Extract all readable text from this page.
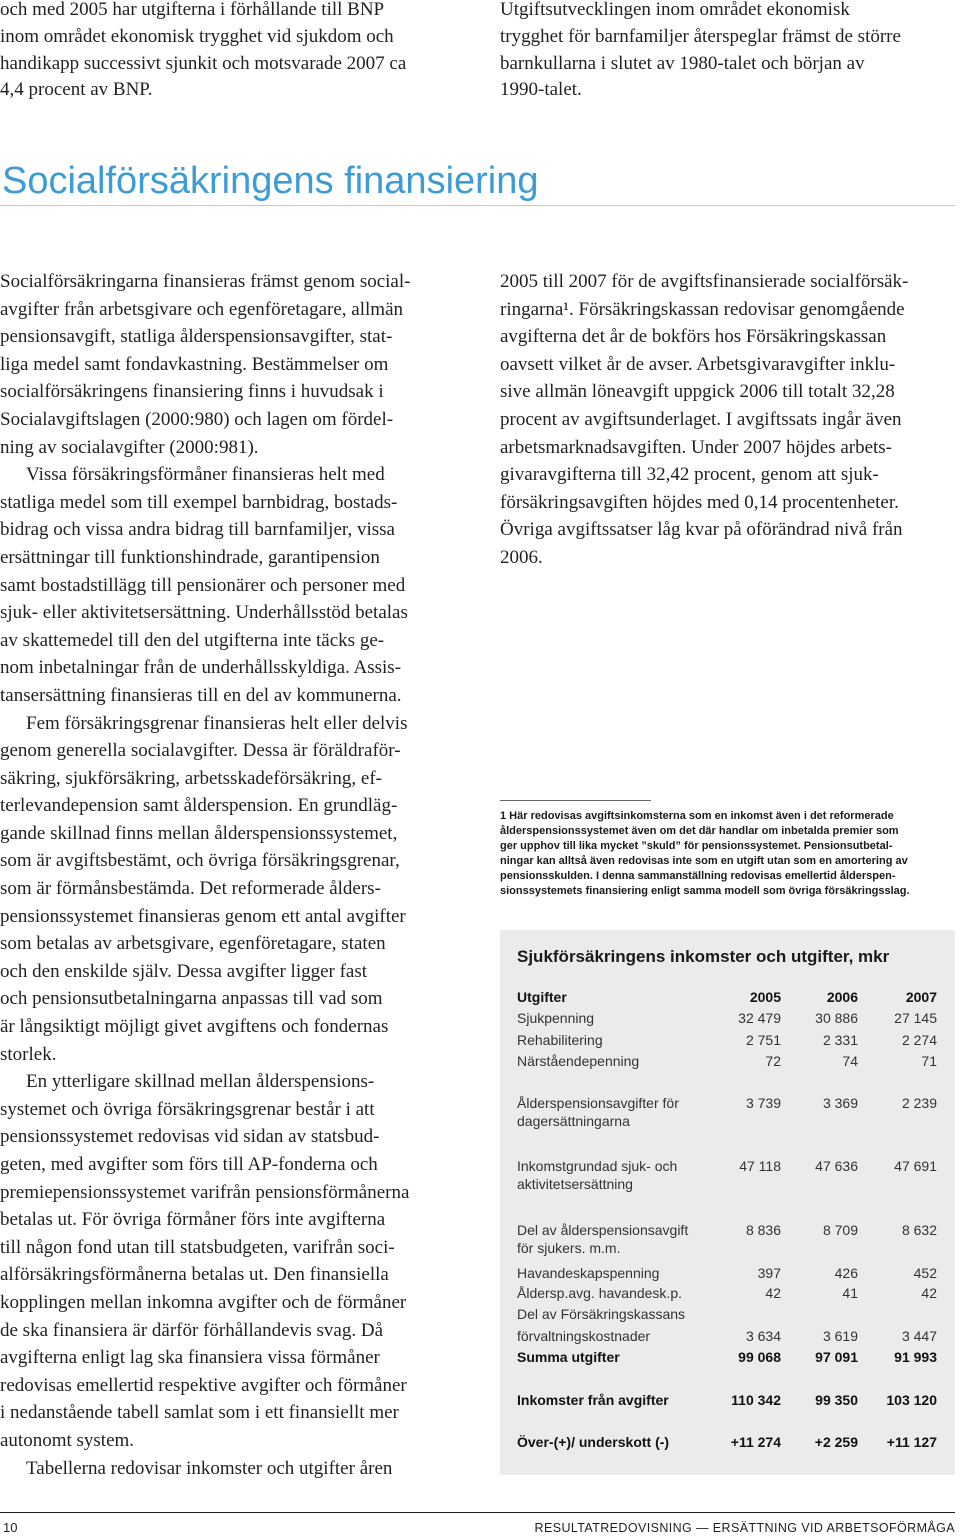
och med 2005 har utgifterna i förhållande till BNP
inom området ekonomisk trygghet vid sjukdom och
handikapp successivt sjunkit och motsvarade 2007 ca
4,4 procent av BNP.
Utgiftsutvecklingen inom området ekonomisk
trygghet för barnfamiljer återspeglar främst de större
barnkullarna i slutet av 1980-talet och början av
1990-talet.
Socialförsäkringens finansiering
Socialförsäkringarna finansieras främst genom social-
avgifter från arbetsgivare och egenföretagare, allmän
pensionsavgift, statliga ålderspensionsavgifter, stat-
liga medel samt fondavkastning. Bestämmelser om
socialförsäkringens finansiering finns i huvudsak i
Socialavgiftslagen (2000:980) och lagen om fördel-
ning av socialavgifter (2000:981).
Vissa försäkringsförmåner finansieras helt med
statliga medel som till exempel barnbidrag, bostads-
bidrag och vissa andra bidrag till barnfamiljer, vissa
ersättningar till funktionshindrade, garantipension
samt bostadstillägg till pensionärer och personer med
sjuk- eller aktivitetsersättning. Underhållsstöd betalas
av skattemedel till den del utgifterna inte täcks ge-
nom inbetalningar från de underhållsskyldiga. Assis-
tansersättning finansieras till en del av kommunerna.
Fem försäkringsgrenar finansieras helt eller delvis
genom generella socialavgifter. Dessa är föräldraför-
säkring, sjukförsäkring, arbetsskadeförsäkring, ef-
terlevandepension samt ålderspension. En grundläg-
gande skillnad finns mellan ålderspensionssystemet,
som är avgiftsbestämt, och övriga försäkringsgrenar,
som är förmånsbestämda. Det reformerade ålders-
pensionssystemet finansieras genom ett antal avgifter
som betalas av arbetsgivare, egenföretagare, staten
och den enskilde själv. Dessa avgifter ligger fast
och pensionsutbetalningarna anpassas till vad som
är långsiktigt möjligt givet avgiftens och fondernas
storlek.
En ytterligare skillnad mellan ålderspensions-
systemet och övriga försäkringsgrenar består i att
pensionssystemet redovisas vid sidan av statsbud-
geten, med avgifter som förs till AP-fonderna och
premiepensionssystemet varifrån pensionsförmånerna
betalas ut. För övriga förmåner förs inte avgifterna
till någon fond utan till statsbudgeten, varifrån soci-
alförsäkringsförmånerna betalas ut. Den finansiella
kopplingen mellan inkomna avgifter och de förmåner
de ska finansiera är därför förhållandevis svag. Då
avgifterna enligt lag ska finansiera vissa förmåner
redovisas emellertid respektive avgifter och förmåner
i nedanstående tabell samlat som i ett finansiellt mer
autonomt system.
Tabellerna redovisar inkomster och utgifter åren
2005 till 2007 för de avgiftsfinansierade socialförsäk-
ringarna¹. Försäkringskassan redovisar genomgående
avgifterna det år de bokförs hos Försäkringskassan
oavsett vilket år de avser. Arbetsgivaravgifter inklu-
sive allmän löneavgift uppgick 2006 till totalt 32,28
procent av avgiftsunderlaget. I avgiftssats ingår även
arbetsmarknadsavgiften. Under 2007 höjdes arbets-
givaravgifterna till 32,42 procent, genom att sjuk-
försäkringsavgiften höjdes med 0,14 procentenheter.
Övriga avgiftssatser låg kvar på oförändrad nivå från
2006.
1 Här redovisas avgiftsinkomsterna som en inkomst även i det reformerade
ålderspensionssystemet även om det där handlar om inbetalda premier som
ger upphov till lika mycket ”skuld” för pensionssystemet. Pensionsutbetal-
ningar kan alltså även redovisas inte som en utgift utan som en amortering av
pensionsskulden. I denna sammanställning redovisas emellertid ålderspen-
sionssystemets finansiering enligt samma modell som övriga försäkringsslag.
Sjukförsäkringens inkomster och utgifter, mkr
Utgifter	2005	2006	2007
Sjukpenning	32 479	30 886	27 145
Rehabilitering	2 751	2 331	2 274
Närståendepenning	72	74	71
Ålderspensionsavgifter för
dagersättningarna
3 739	3 369	2 239
Inkomstgrundad sjuk- och
aktivitetsersättning
47 118	47 636	47 691
Del av ålderspensionsavgift
för sjukers. m.m.
8 836	8 709	8 632
Havandeskapspenning	397	426	452
Åldersp.avg. havandesk.p.	42	41	42
Del av Försäkringskassans
förvaltningskostnader	3 634	3 619	3 447
Summa utgifter	99 068	97 091	91 993
Inkomster från avgifter	110 342	99 350	103 120
Över-(+)/ underskott (-)	+11 274	+2 259	+11 127
10	RESULTATREDOVISNING — ERSÄTTNING VID ARBETSOFÖRMÅGA
